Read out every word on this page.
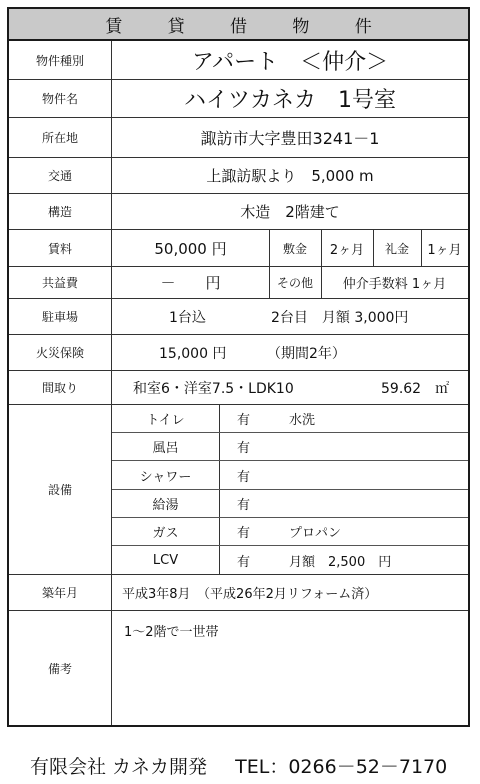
賃 貸 借 物 件
物件種別	アパート　＜仲介＞
物件名	ハイツカネカ　1号室
所在地	諏訪市大字豊田3241－1
交通	上諏訪駅より　5,000 m
構造	木造　2階建て
賃料	50,000 円	敷金	2ヶ月	礼金	1ヶ月
共益費	－　　円	その他	仲介手数料 1ヶ月
駐車場	1台込	2台目　月額 3,000円
火災保険	15,000 円	（期間2年）
間取り	和室6・洋室7.5・LDK10	59.62　㎡
設備
トイレ	有	水洗
風呂	有
シャワー	有
給湯	有
ガス	有	プロパン
LCV	有	月額　2,500　円
築年月	平成3年8月　（平成26年2月リフォーム済）
備考
1～2階で一世帯
有限会社 カネカ開発 TEL：0266－52－7170
